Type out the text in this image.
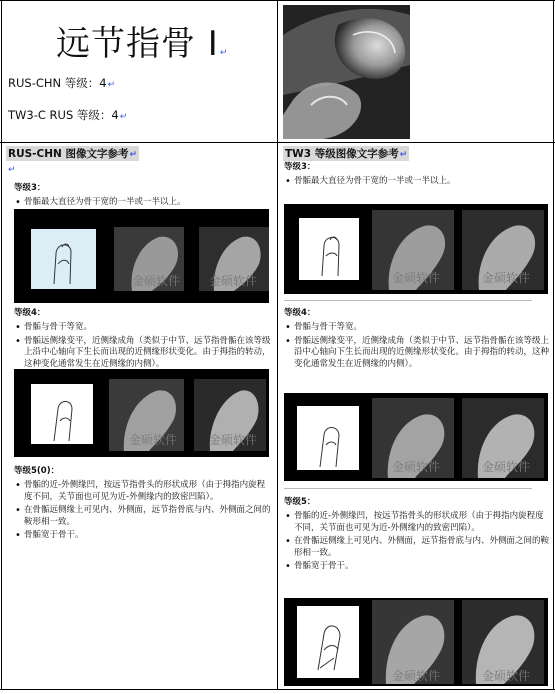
远节指骨 I↵
RUS-CHN 等级：4↵
TW3-C RUS 等级：4↵
RUS-CHN 图像文字参考↵
↵
等级3：
• 骨骺最大直径为骨干宽的一半或一半以上。
金硕软件 金硕软件
等级4：
• 骨骺与骨干等宽。
• 骨骺远侧缘变平，近侧缘成角（类似于中节、远节指骨骺在该等级上沿中心轴向下生长而出现的近侧缘形状变化。由于拇指的转动，这种变化通常发生在近侧缘的内侧）。
金硕软件	金硕软件
等级5(0)：
• 骨骺的近-外侧缘凹，按远节指骨头的形状成形（由于拇指内旋程度不同，关节面也可见为近-外侧缘内的致密凹陷）。
• 在骨骺远侧缘上可见内、外侧面，远节指骨底与内、外侧面之间的鞍形相一致。
• 骨骺宽于骨干。
TW3 等级图像文字参考↵
等级3：
• 骨骺最大直径为骨干宽的一半或一半以上。
金硕软件	金硕软件
等级4：
• 骨骺与骨干等宽。
• 骨骺远侧缘变平，近侧缘成角（类似于中节、远节指骨骺在该等级上沿中心轴向下生长而出现的近侧缘形状变化。由于拇指的转动，这种变化通常发生在近侧缘的内侧）。
金硕软件	金硕软件
等级5：
• 骨骺的近-外侧缘凹，按远节指骨头的形状成形（由于拇指内旋程度不同，关节面也可见为近-外侧缘内的致密凹陷）。
• 在骨骺远侧缘上可见内、外侧面，远节指骨底与内、外侧面之间的鞍形相一致。
• 骨骺宽于骨干。
金硕软件	金硕软件
